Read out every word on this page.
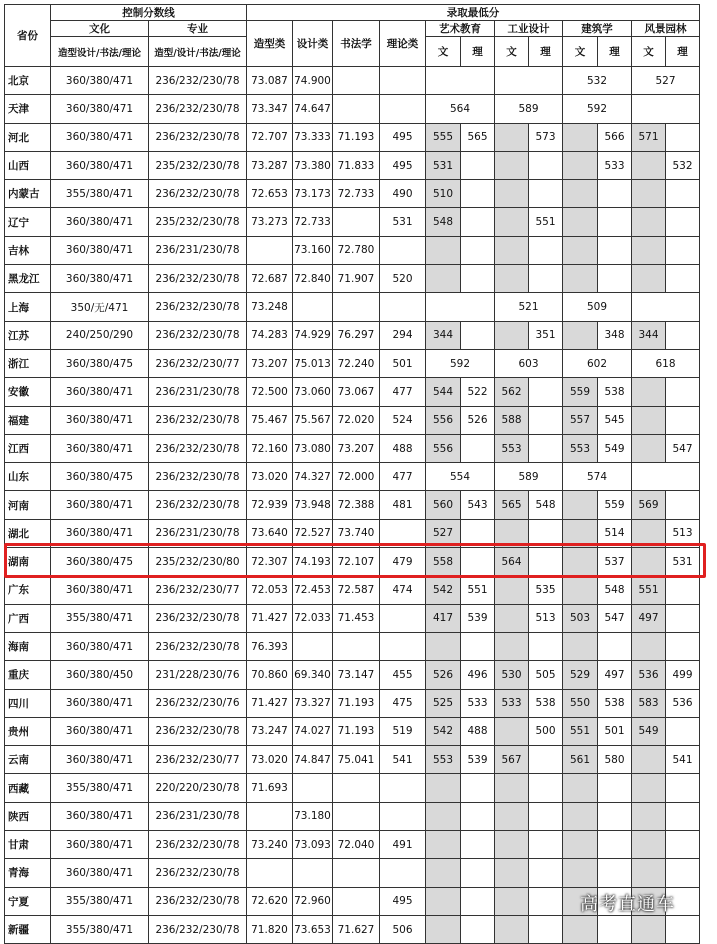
省份	控制分数线		录取最低分											
	文化	专业	造型类	设计类	书法学	理论类	艺术教育		工业设计		建筑学		风景园林	
	造型设计/书法/理论	造型/设计/书法/理论					文	理	文	理	文	理	文	理
北京	360/380/471	236/232/230/78	73.087	74.900							532		527	
天津	360/380/471	236/232/230/78	73.347	74.647			564		589		592			
河北	360/380/471	236/232/230/78	72.707	73.333	71.193	495	555	565		573		566	571	
山西	360/380/471	235/232/230/78	73.287	73.380	71.833	495	531					533		532
内蒙古	355/380/471	236/232/230/78	72.653	73.173	72.733	490	510							
辽宁	360/380/471	235/232/230/78	73.273	72.733		531	548			551				
吉林	360/380/471	236/231/230/78		73.160	72.780									
黑龙江	360/380/471	236/232/230/78	72.687	72.840	71.907	520								
上海	350/无/471	236/232/230/78	73.248						521		509			
江苏	240/250/290	236/232/230/78	74.283	74.929	76.297	294	344			351		348	344	
浙江	360/380/475	236/232/230/77	73.207	75.013	72.240	501	592		603		602		618	
安徽	360/380/471	236/231/230/78	72.500	73.060	73.067	477	544	522	562		559	538		
福建	360/380/471	236/232/230/78	75.467	75.567	72.020	524	556	526	588		557	545		
江西	360/380/471	236/232/230/78	72.160	73.080	73.207	488	556		553		553	549		547
山东	360/380/475	236/232/230/78	73.020	74.327	72.000	477	554		589		574			
河南	360/380/471	236/232/230/78	72.939	73.948	72.388	481	560	543	565	548		559	569	
湖北	360/380/471	236/231/230/78	73.640	72.527	73.740		527					514		513
湖南	360/380/475	235/232/230/80	72.307	74.193	72.107	479	558		564			537		531
广东	360/380/471	236/232/230/77	72.053	72.453	72.587	474	542	551		535		548	551	
广西	355/380/471	236/232/230/78	71.427	72.033	71.453		417	539		513	503	547	497	
海南	360/380/471	236/232/230/78	76.393											
重庆	360/380/450	231/228/230/76	70.860	69.340	73.147	455	526	496	530	505	529	497	536	499
四川	360/380/471	236/232/230/76	71.427	73.327	71.193	475	525	533	533	538	550	538	583	536
贵州	360/380/471	236/232/230/78	73.247	74.027	71.193	519	542	488		500	551	501	549	
云南	360/380/471	236/232/230/77	73.020	74.847	75.041	541	553	539	567		561	580		541
西藏	355/380/471	220/220/230/78	71.693											
陕西	360/380/471	236/231/230/78		73.180										
甘肃	360/380/471	236/232/230/78	73.240	73.093	72.040	491								
青海	360/380/471	236/232/230/78												
宁夏	355/380/471	236/232/230/78	72.620	72.960		495								
新疆	355/380/471	236/232/230/78	71.820	73.653	71.627	506								
高考直通车
